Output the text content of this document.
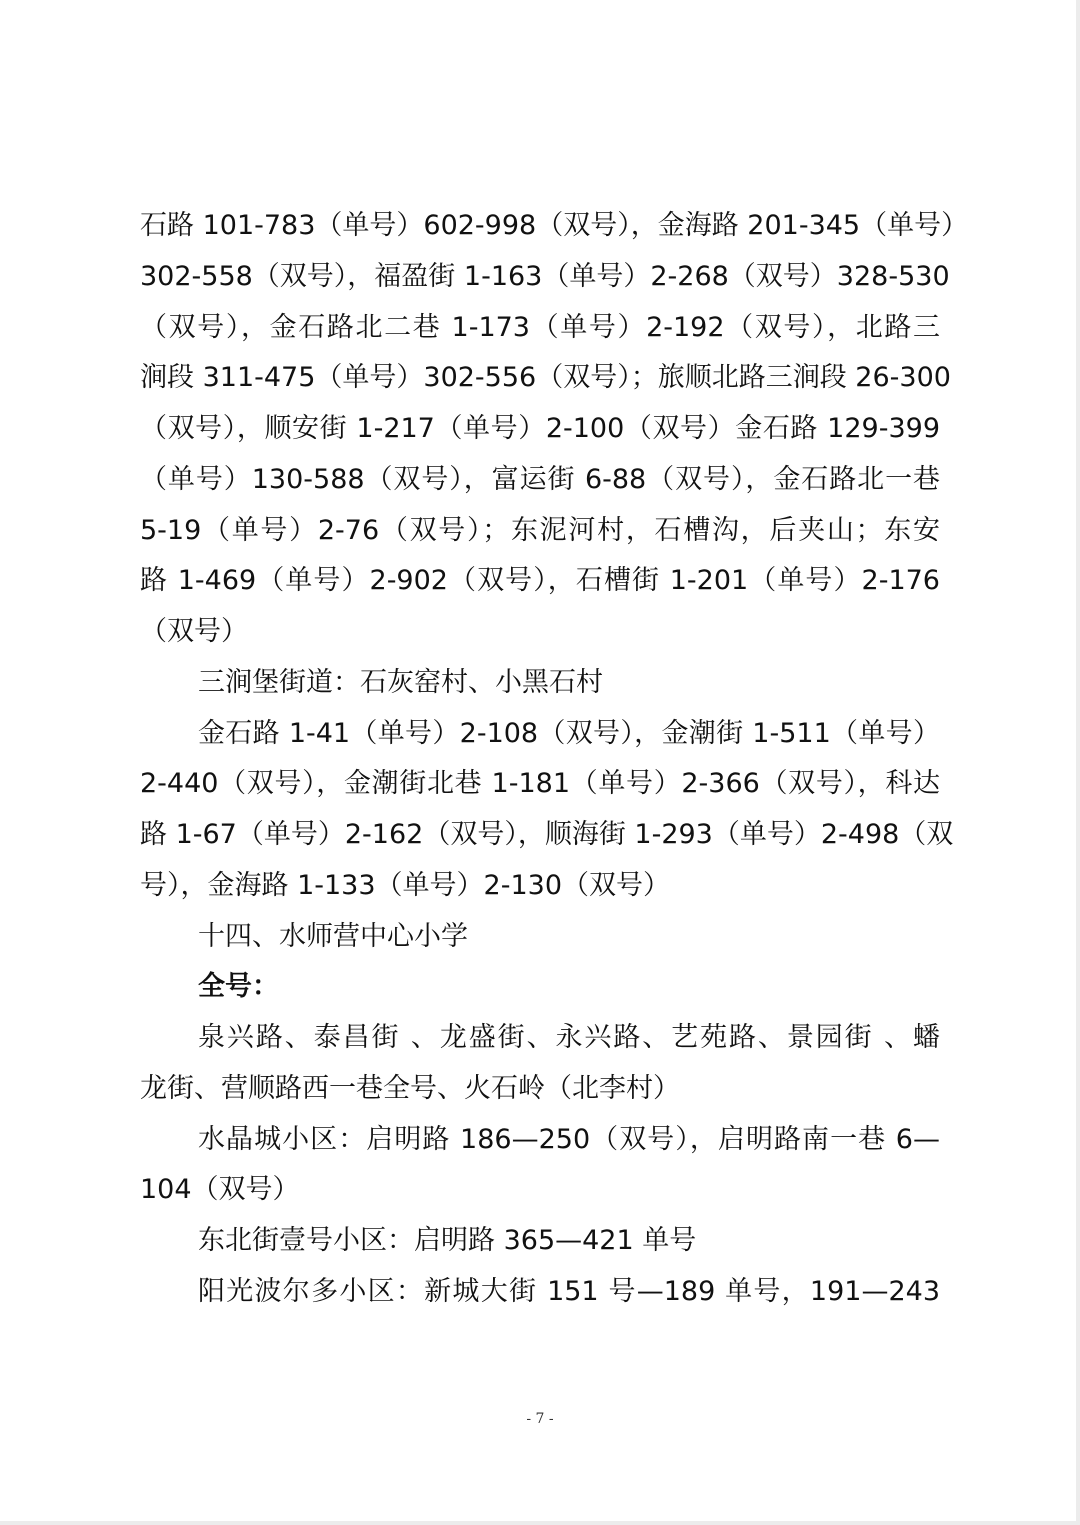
石路 101-783（单号）602-998（双号），金海路 201-345（单号）
302-558（双号），福盈街 1-163（单号）2-268（双号）328-530
（双号），金石路北二巷 1-173（单号）2-192（双号），北路三
涧段 311-475（单号）302-556（双号）；旅顺北路三涧段 26-300
（双号），顺安街 1-217（单号）2-100（双号）金石路 129-399
（单号）130-588（双号），富运街 6-88（双号），金石路北一巷
5-19（单号）2-76（双号）；东泥河村，石槽沟，后夹山；东安
路 1-469（单号）2-902（双号），石槽街 1-201（单号）2-176
（双号）
三涧堡街道：石灰窑村、小黑石村
金石路 1-41（单号）2-108（双号），金潮街 1-511（单号）
2-440（双号），金潮街北巷 1-181（单号）2-366（双号），科达
路 1-67（单号）2-162（双号），顺海街 1-293（单号）2-498（双
号），金海路 1-133（单号）2-130（双号）
十四、水师营中心小学
全号：
泉兴路、泰昌街 、龙盛街、永兴路、艺苑路、景园街 、蟠
龙街、营顺路西一巷全号、火石岭（北李村）
水晶城小区：启明路 186—250（双号），启明路南一巷 6—
104（双号）
东北街壹号小区：启明路 365—421 单号
阳光波尔多小区：新城大街 151 号—189 单号，191—243
- 7 -
